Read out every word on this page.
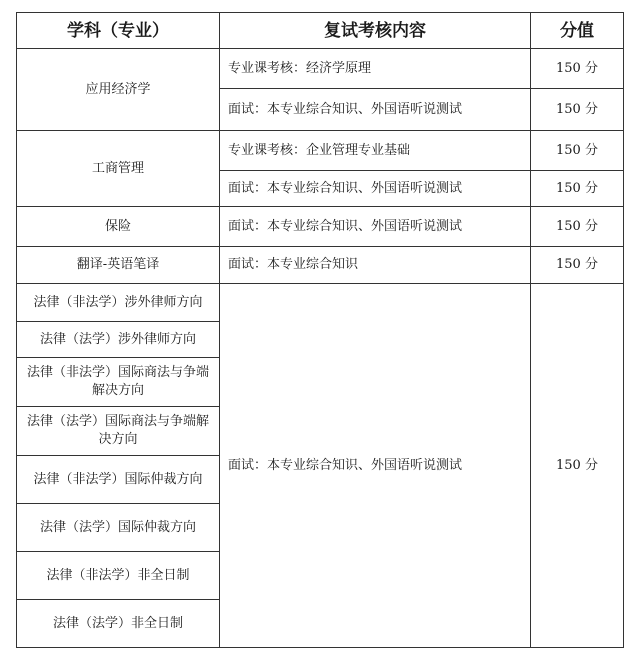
学科（专业）	复试考核内容	分值
应用经济学	专业课考核：经济学原理	150 分
	面试：本专业综合知识、外国语听说测试	150 分
工商管理	专业课考核：企业管理专业基础	150 分
	面试：本专业综合知识、外国语听说测试	150 分
保险	面试：本专业综合知识、外国语听说测试	150 分
翻译-英语笔译	面试：本专业综合知识	150 分
法律（非法学）涉外律师方向	面试：本专业综合知识、外国语听说测试	150 分
法律（法学）涉外律师方向		
法律（非法学）国际商法与争端解决方向		
法律（法学）国际商法与争端解决方向		
法律（非法学）国际仲裁方向		
法律（法学）国际仲裁方向		
法律（非法学）非全日制		
法律（法学）非全日制		
